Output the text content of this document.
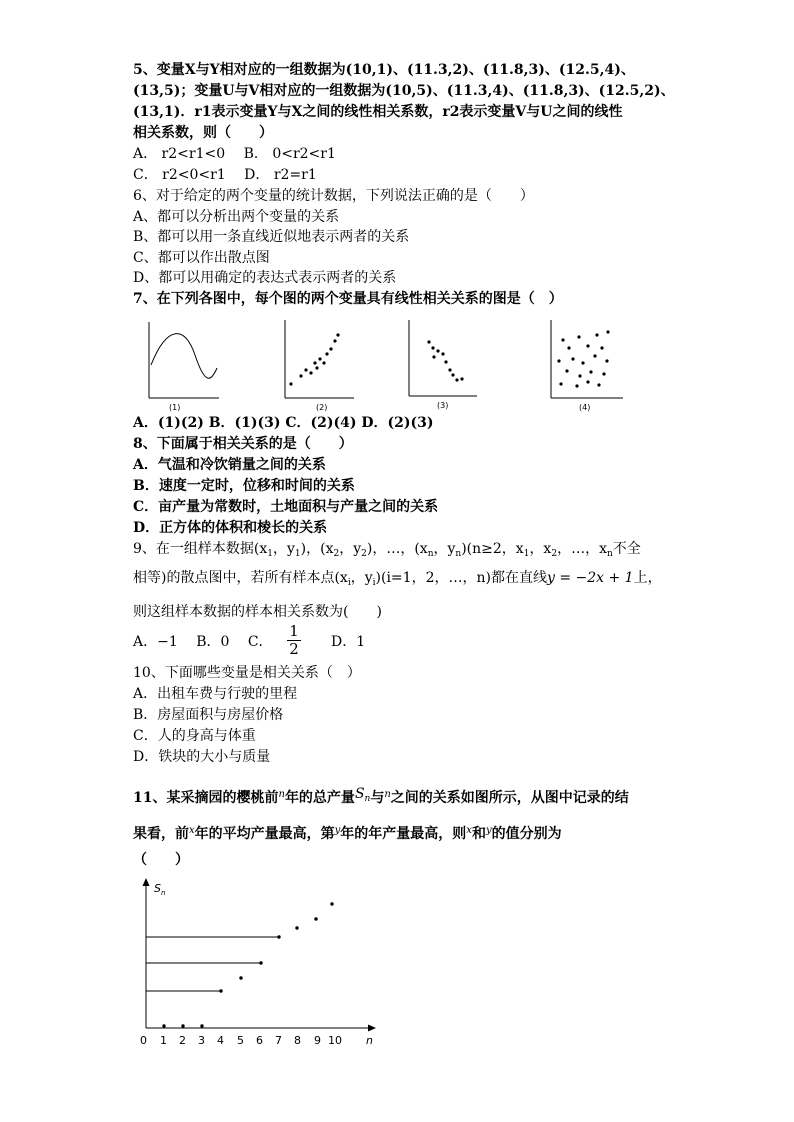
5、变量X与Y相对应的一组数据为(10,1)、(11.3,2)、(11.8,3)、(12.5,4)、
(13,5)；变量U与V相对应的一组数据为(10,5)、(11.3,4)、(11.8,3)、(12.5,2)、
(13,1)．r1表示变量Y与X之间的线性相关系数，r2表示变量V与U之间的线性
相关系数，则（　　）
A． r2<r1<0　 B． 0<r2<r1
C． r2<0<r1　 D． r2=r1
6、对于给定的两个变量的统计数据，下列说法正确的是（　　）
A、都可以分析出两个变量的关系
B、都可以用一条直线近似地表示两者的关系
C、都可以作出散点图
D、都可以用确定的表达式表示两者的关系
7、在下列各图中，每个图的两个变量具有线性相关关系的图是（　）
(1)	(2)	(3)	(4)
A．(1)(2) B．(1)(3) C．(2)(4) D．(2)(3)
8、下面属于相关关系的是（　　）
A．气温和冷饮销量之间的关系
B．速度一定时，位移和时间的关系
C．亩产量为常数时，土地面积与产量之间的关系
D．正方体的体积和棱长的关系
9、在一组样本数据($x_1$，$y_1$)，($x_2$，$y_2$)，…，($x_n$，$y_n)(n\ge 2$，$x_1$，$x_2$，…，$x_n$不全
相等)的散点图中，若所有样本点($x_i$，$y_i)(i=1$，2，…，n)都在直线y = −2x + 1上，
则这组样本数据的样本相关系数为(　　)
A．−1　 B．0　 C．
1
2 D．1
10、下面哪些变量是相关关系（　）
A．出租车费与行驶的里程
B．房屋面积与房屋价格
C．人的身高与体重
D．铁块的大小与质量
11、某采摘园的樱桃前$^n$年的总产量$S_n$与$^n$之间的关系如图所示，从图中记录的结
果看，前$^x$年的平均产量最高，第$^y$年的年产量最高，则$^x$和$^y$的值分别为
（　　）
$S_n$
n
0 1 2 3 4 5 6 7 8 9 10
